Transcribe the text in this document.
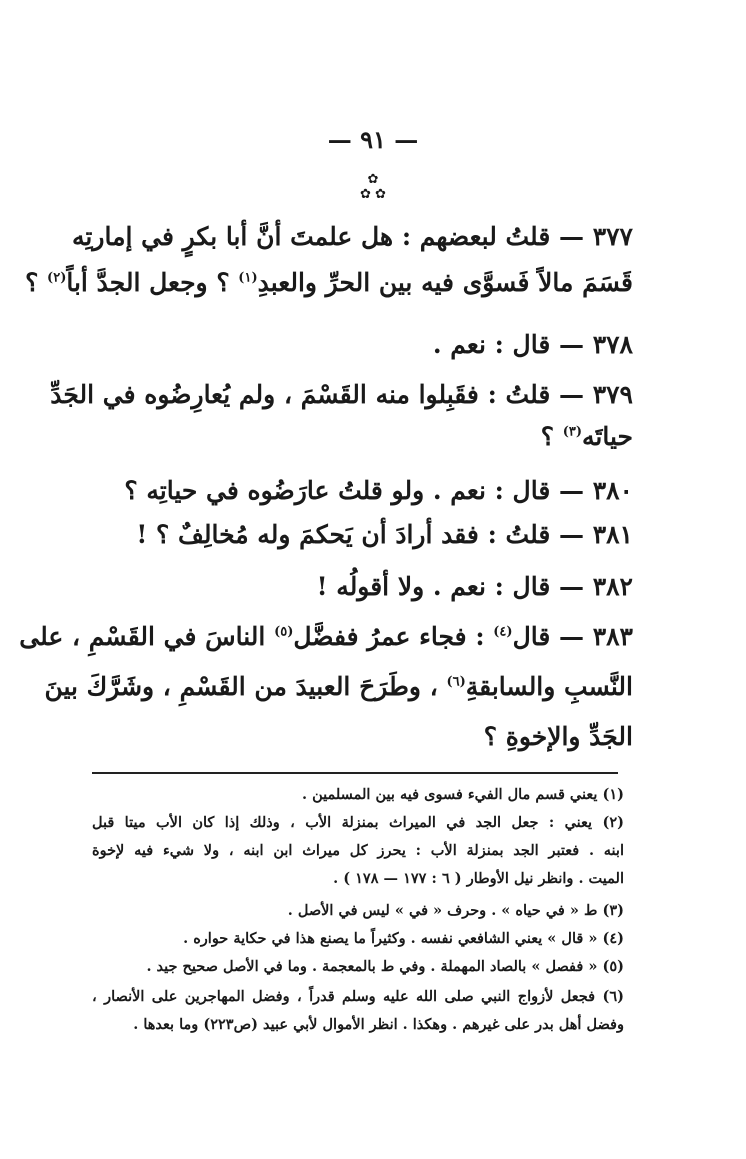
— ٩١ —
✿
✿ ✿
٣٧٧ — قلتُ لبعضهم : هل علمتَ أنَّ أبا بكرٍ في إمارتِه
قَسَمَ مالاً فَسوَّى فيه بين الحرِّ والعبدِ$^{(١)}$ ؟ وجعل الجدَّ أباً$^{(٢)}$ ؟
٣٧٨ — قال : نعم .
٣٧٩ — قلتُ : فقَبِلوا منه القَسْمَ ، ولم يُعارِضُوه في الجَدِّ
حياتَه$^{(٣)}$ ؟
٣٨٠ — قال : نعم . ولو قلتُ عارَضُوه في حياتِه ؟
٣٨١ — قلتُ : فقد أرادَ أن يَحكمَ وله مُخالِفٌ ؟ !
٣٨٢ — قال : نعم . ولا أقولُه !
٣٨٣ — قال$^{(٤)}$ : فجاء عمرُ ففضَّل$^{(٥)}$ الناسَ في القَسْمِ ، على
النَّسبِ والسابقةِ$^{(٦)}$ ، وطَرَحَ العبيدَ من القَسْمِ ، وشَرَّكَ بينَ
الجَدِّ والإخوةِ ؟
(١) يعني قسم مال الفيء فسوى فيه بين المسلمين .
(٢) يعني : جعل الجد في الميراث بمنزلة الأب ، وذلك إذا كان الأب ميتا قبل
ابنه . فعتبر الجد بمنزلة الأب : يحرز كل ميراث ابن ابنه ، ولا شيء فيه لإخوة
الميت . وانظر نيل الأوطار ( ٦ : ١٧٧ — ١٧٨ ) .
(٣) ط « في حياه » . وحرف « في » ليس في الأصل .
(٤) « قال » يعني الشافعي نفسه . وكثيراً ما يصنع هذا في حكاية حواره .
(٥) « ففصل » بالصاد المهملة . وفي ط بالمعجمة . وما في الأصل صحيح جيد .
(٦) فجعل لأزواج النبي صلى الله عليه وسلم قدراً ، وفضل المهاجرين على الأنصار ،
وفضل أهل بدر على غيرهم . وهكذا . انظر الأموال لأبي عبيد (ص٢٢٣) وما بعدها .
